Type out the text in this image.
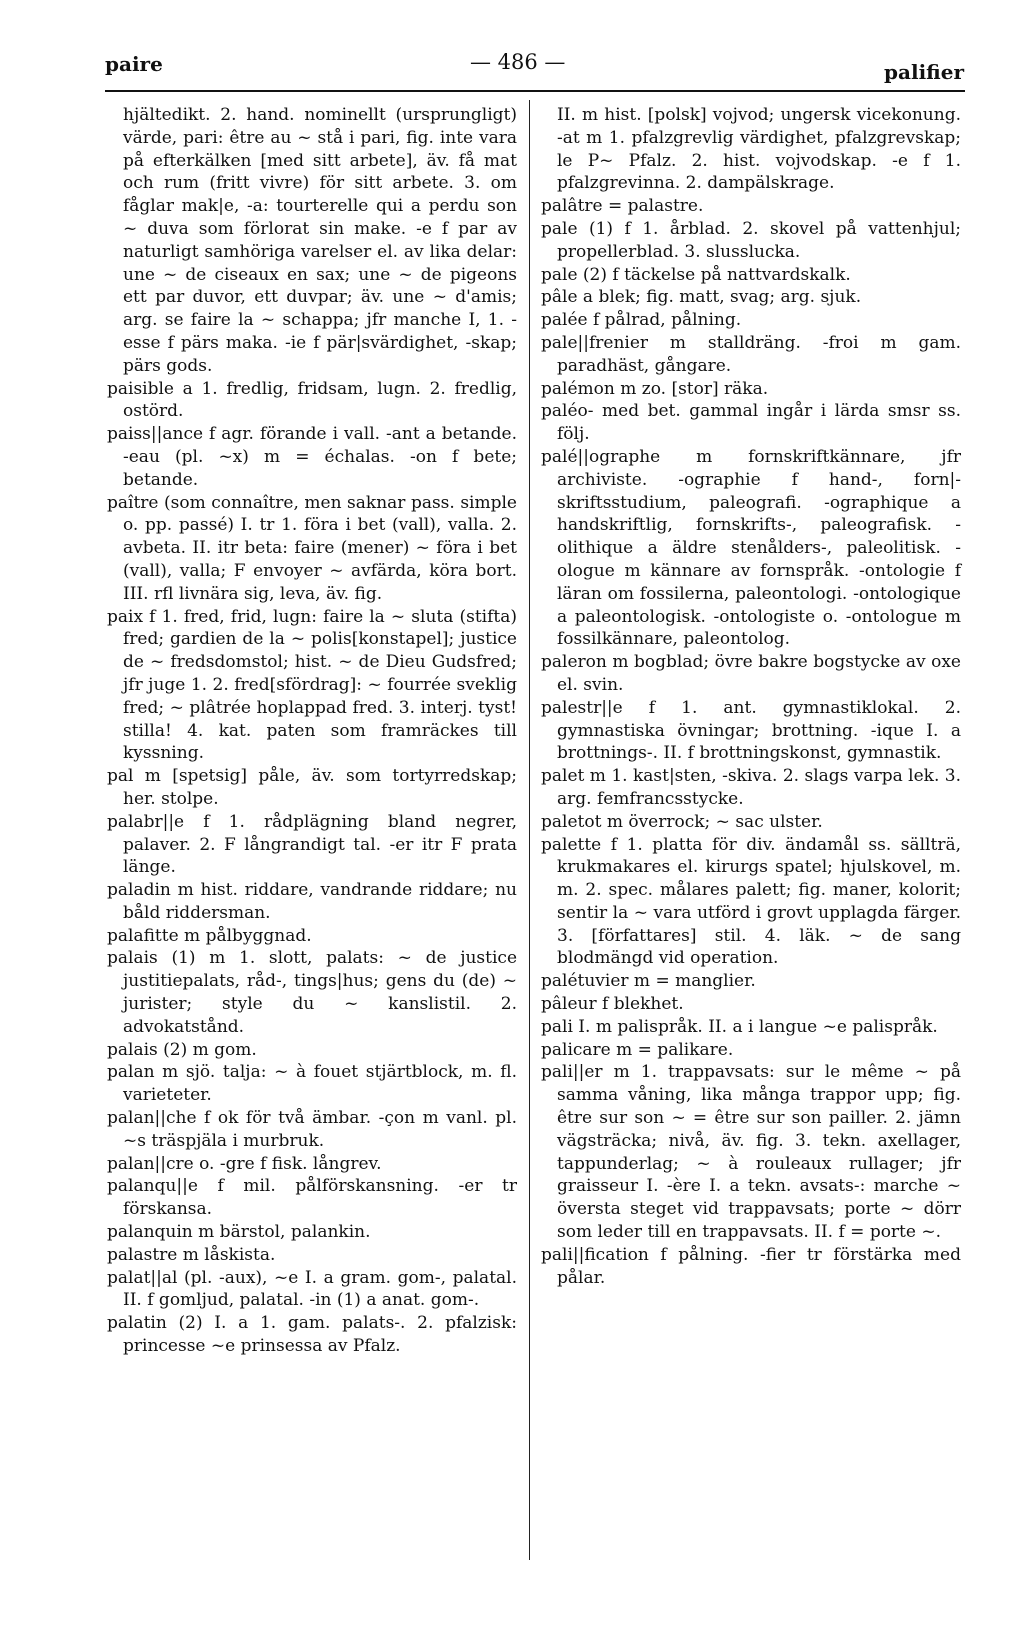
paire	— 486 —	palifier

hjältedikt. 2. hand. nominellt (ursprungligt) värde, pari: être au ~ stå i pari, fig. inte vara på efterkälken [med sitt arbete], äv. få mat och rum (fritt vivre) för sitt arbete. 3. om fåglar mak|e, -a: tourterelle qui a perdu son ~ duva som förlorat sin make. -e f par av naturligt samhöriga varelser el. av lika delar: une ~ de ciseaux en sax; une ~ de pigeons ett par duvor, ett duvpar; äv. une ~ d'amis; arg. se faire la ~ schappa; jfr manche I, 1. -esse f pärs maka. -ie f pär|svärdighet, -skap; pärs gods.

paisible a 1. fredlig, fridsam, lugn. 2. fredlig, ostörd.

paiss||ance f agr. förande i vall. -ant a betande. -eau (pl. ~x) m = échalas. -on f bete; betande.

paître (som connaître, men saknar pass. simple o. pp. passé) I. tr 1. föra i bet (vall), valla. 2. avbeta. II. itr beta: faire (mener) ~ föra i bet (vall), valla; F envoyer ~ avfärda, köra bort. III. rfl livnära sig, leva, äv. fig.

paix f 1. fred, frid, lugn: faire la ~ sluta (stifta) fred; gardien de la ~ polis[konstapel]; justice de ~ fredsdomstol; hist. ~ de Dieu Gudsfred; jfr juge 1. 2. fred[sfördrag]: ~ fourrée sveklig fred; ~ plâtrée hoplappad fred. 3. interj. tyst! stilla! 4. kat. paten som framräckes till kyssning.

pal m [spetsig] påle, äv. som tortyrredskap; her. stolpe.

palabr||e f 1. rådplägning bland negrer, palaver. 2. F långrandigt tal. -er itr F prata länge.

paladin m hist. riddare, vandrande riddare; nu båld riddersman.

palafitte m pålbyggnad.

palais (1) m 1. slott, palats: ~ de justice justitiepalats, råd-, tings|hus; gens du (de) ~ jurister; style du ~ kanslistil. 2. advokatstånd.

palais (2) m gom.

palan m sjö. talja: ~ à fouet stjärtblock, m. fl. varieteter.

palan||che f ok för två ämbar. -çon m vanl. pl. ~s träspjäla i murbruk.

palan||cre o. -gre f fisk. långrev.

palanqu||e f mil. pålförskansning. -er tr förskansa.

palanquin m bärstol, palankin.

palastre m låskista.

palat||al (pl. -aux), ~e I. a gram. gom-, palatal. II. f gomljud, palatal. -in (1) a anat. gom-.

palatin (2) I. a 1. gam. palats-. 2. pfalzisk: princesse ~e prinsessa av Pfalz.

II. m hist. [polsk] vojvod; ungersk vicekonung. -at m 1. pfalzgrevlig värdighet, pfalzgrevskap; le P~ Pfalz. 2. hist. vojvodskap. -e f 1. pfalzgrevinna. 2. dampälskrage.

palâtre = palastre.

pale (1) f 1. årblad. 2. skovel på vattenhjul; propellerblad. 3. slusslucka.

pale (2) f täckelse på nattvardskalk.

pâle a blek; fig. matt, svag; arg. sjuk.

palée f pålrad, pålning.

pale||frenier m stalldräng. -froi m gam. paradhäst, gångare.

palémon m zo. [stor] räka.

paléo- med bet. gammal ingår i lärda smsr ss. följ.

palé||ographe m fornskriftkännare, jfr archiviste. -ographie f hand-, forn|-skriftsstudium, paleografi. -ographique a handskriftlig, fornskrifts-, paleografisk. -olithique a äldre stenålders-, paleolitisk. -ologue m kännare av fornspråk. -ontologie f läran om fossilerna, paleontologi. -ontologique a paleontologisk. -ontologiste o. -ontologue m fossilkännare, paleontolog.

paleron m bogblad; övre bakre bogstycke av oxe el. svin.

palestr||e f 1. ant. gymnastiklokal. 2. gymnastiska övningar; brottning. -ique I. a brottnings-. II. f brottningskonst, gymnastik.

palet m 1. kast|sten, -skiva. 2. slags varpa lek. 3. arg. femfrancsstycke.

paletot m överrock; ~ sac ulster.

palette f 1. platta för div. ändamål ss. sällträ, krukmakares el. kirurgs spatel; hjulskovel, m. m. 2. spec. målares palett; fig. maner, kolorit; sentir la ~ vara utförd i grovt upplagda färger. 3. [författares] stil. 4. läk. ~ de sang blodmängd vid operation.

palétuvier m = manglier.

pâleur f blekhet.

pali I. m palispråk. II. a i langue ~e palispråk.

palicare m = palikare.

pali||er m 1. trappavsats: sur le même ~ på samma våning, lika många trappor upp; fig. être sur son ~ = être sur son pailler. 2. jämn vägsträcka; nivå, äv. fig. 3. tekn. axellager, tappunderlag; ~ à rouleaux rullager; jfr graisseur I. -ère I. a tekn. avsats-: marche ~ översta steget vid trappavsats; porte ~ dörr som leder till en trappavsats. II. f = porte ~.

pali||fication f pålning. -fier tr förstärka med pålar.
